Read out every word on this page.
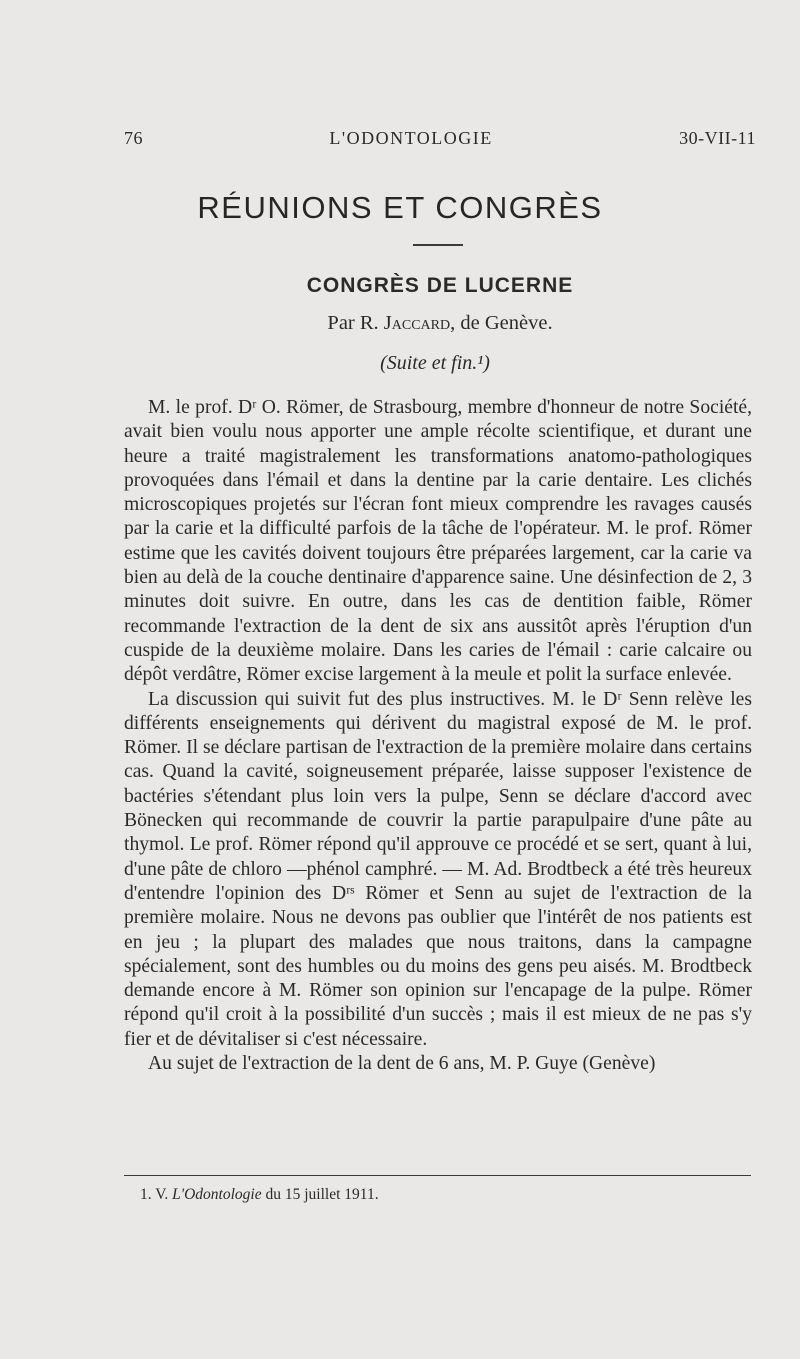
76	L'ODONTOLOGIE	30-VII-11
RÉUNIONS ET CONGRÈS
CONGRÈS DE LUCERNE
Par R. Jaccard, de Genève.
(Suite et fin.¹)

M. le prof. Dʳ O. Römer, de Strasbourg, membre d'honneur de notre Société, avait bien voulu nous apporter une ample récolte scientifique, et durant une heure a traité magistralement les transformations anatomo-pathologiques provoquées dans l'émail et dans la dentine par la carie dentaire. Les clichés microscopiques projetés sur l'écran font mieux comprendre les ravages causés par la carie et la difficulté parfois de la tâche de l'opérateur. M. le prof. Römer estime que les cavités doivent toujours être préparées largement, car la carie va bien au delà de la couche dentinaire d'apparence saine. Une désinfection de 2, 3 minutes doit suivre. En outre, dans les cas de dentition faible, Römer recommande l'extraction de la dent de six ans aussitôt après l'éruption d'un cuspide de la deuxième molaire. Dans les caries de l'émail : carie calcaire ou dépôt verdâtre, Römer excise largement à la meule et polit la surface enlevée.

La discussion qui suivit fut des plus instructives. M. le Dʳ Senn relève les différents enseignements qui dérivent du magistral exposé de M. le prof. Römer. Il se déclare partisan de l'extraction de la première molaire dans certains cas. Quand la cavité, soigneusement préparée, laisse supposer l'existence de bactéries s'étendant plus loin vers la pulpe, Senn se déclare d'accord avec Bönecken qui recommande de couvrir la partie parapulpaire d'une pâte au thymol. Le prof. Römer répond qu'il approuve ce procédé et se sert, quant à lui, d'une pâte de chloro —phénol camphré. — M. Ad. Brodtbeck a été très heureux d'entendre l'opinion des Dʳˢ Römer et Senn au sujet de l'extraction de la première molaire. Nous ne devons pas oublier que l'intérêt de nos patients est en jeu ; la plupart des malades que nous traitons, dans la campagne spécialement, sont des humbles ou du moins des gens peu aisés. M. Brodtbeck demande encore à M. Römer son opinion sur l'encapage de la pulpe. Römer répond qu'il croit à la possibilité d'un succès ; mais il est mieux de ne pas s'y fier et de dévitaliser si c'est nécessaire.

Au sujet de l'extraction de la dent de 6 ans, M. P. Guye (Genève)

1. V. L'Odontologie du 15 juillet 1911.
